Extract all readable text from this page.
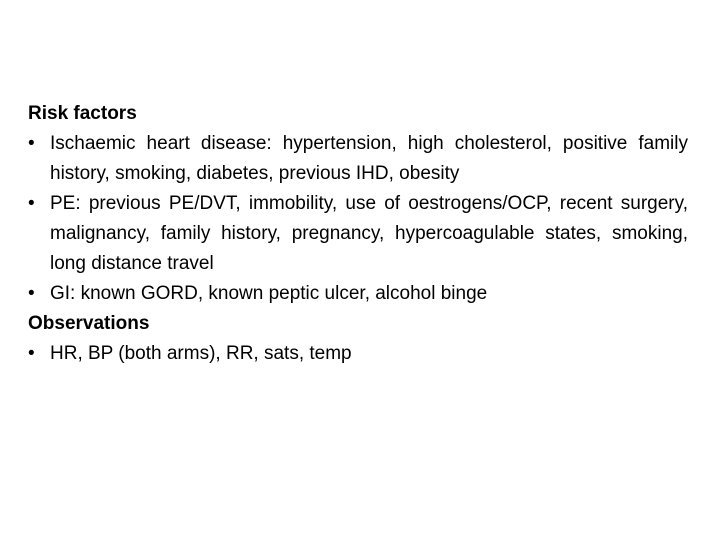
Risk factors
• Ischaemic heart disease: hypertension, high cholesterol, positive family history, smoking, diabetes, previous IHD, obesity
• PE: previous PE/DVT, immobility, use of oestrogens/OCP, recent surgery, malignancy, family history, pregnancy, hypercoagulable states, smoking, long distance travel
• GI: known GORD, known peptic ulcer, alcohol binge
Observations
• HR, BP (both arms), RR, sats, temp
